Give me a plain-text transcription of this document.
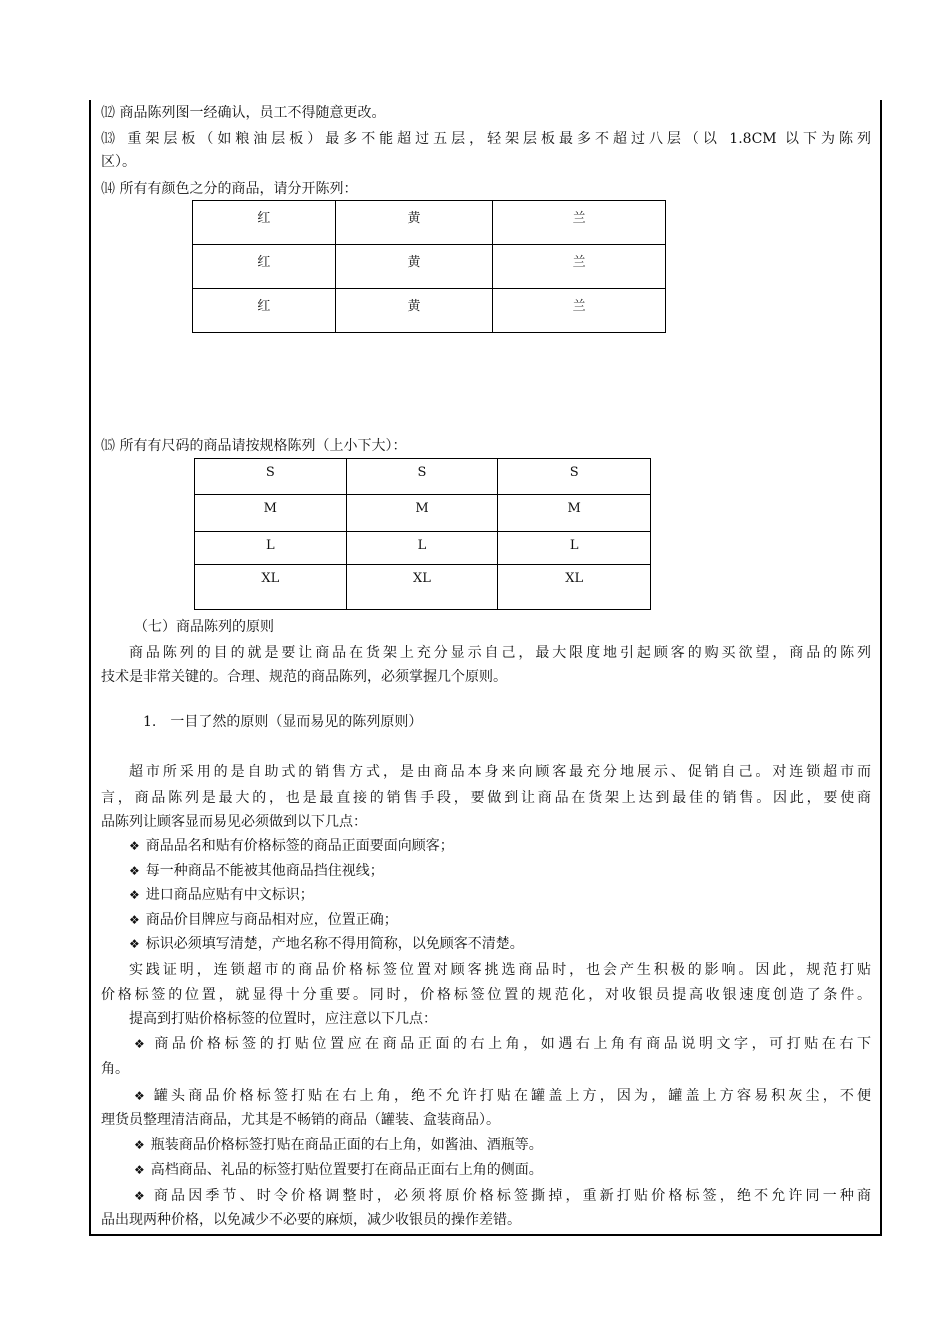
⑿ 商品陈列图一经确认，员工不得随意更改。
⒀ 重架层板（如粮油层板）最多不能超过五层，轻架层板最多不超过八层（以 1.8CM 以下为陈列
区）。
⒁ 所有有颜色之分的商品，请分开陈列：
红	黄	兰
红	黄	兰
红	黄	兰
⒂ 所有有尺码的商品请按规格陈列（上小下大）：
S	S	S
M	M	M
L	L	L
XL	XL	XL
（七）商品陈列的原则
商品陈列的目的就是要让商品在货架上充分显示自己，最大限度地引起顾客的购买欲望，商品的陈列
技术是非常关键的。合理、规范的商品陈列，必须掌握几个原则。
1.　一目了然的原则（显而易见的陈列原则）
超市所采用的是自助式的销售方式，是由商品本身来向顾客最充分地展示、促销自己。对连锁超市而
言，商品陈列是最大的，也是最直接的销售手段，要做到让商品在货架上达到最佳的销售。因此，要使商
品陈列让顾客显而易见必须做到以下几点：
❖ 商品品名和贴有价格标签的商品正面要面向顾客；
❖ 每一种商品不能被其他商品挡住视线；
❖ 进口商品应贴有中文标识；
❖ 商品价目牌应与商品相对应，位置正确；
❖ 标识必须填写清楚，产地名称不得用简称，以免顾客不清楚。
实践证明，连锁超市的商品价格标签位置对顾客挑选商品时，也会产生积极的影响。因此，规范打贴
价格标签的位置，就显得十分重要。同时，价格标签位置的规范化，对收银员提高收银速度创造了条件。
提高到打贴价格标签的位置时，应注意以下几点：
❖ 商品价格标签的打贴位置应在商品正面的右上角，如遇右上角有商品说明文字，可打贴在右下
角。
❖ 罐头商品价格标签打贴在右上角，绝不允许打贴在罐盖上方，因为，罐盖上方容易积灰尘，不便
理货员整理清洁商品，尤其是不畅销的商品（罐装、盒装商品）。
❖ 瓶装商品价格标签打贴在商品正面的右上角，如酱油、酒瓶等。
❖ 高档商品、礼品的标签打贴位置要打在商品正面右上角的侧面。
❖ 商品因季节、时令价格调整时，必须将原价格标签撕掉，重新打贴价格标签，绝不允许同一种商
品出现两种价格，以免减少不必要的麻烦，减少收银员的操作差错。
